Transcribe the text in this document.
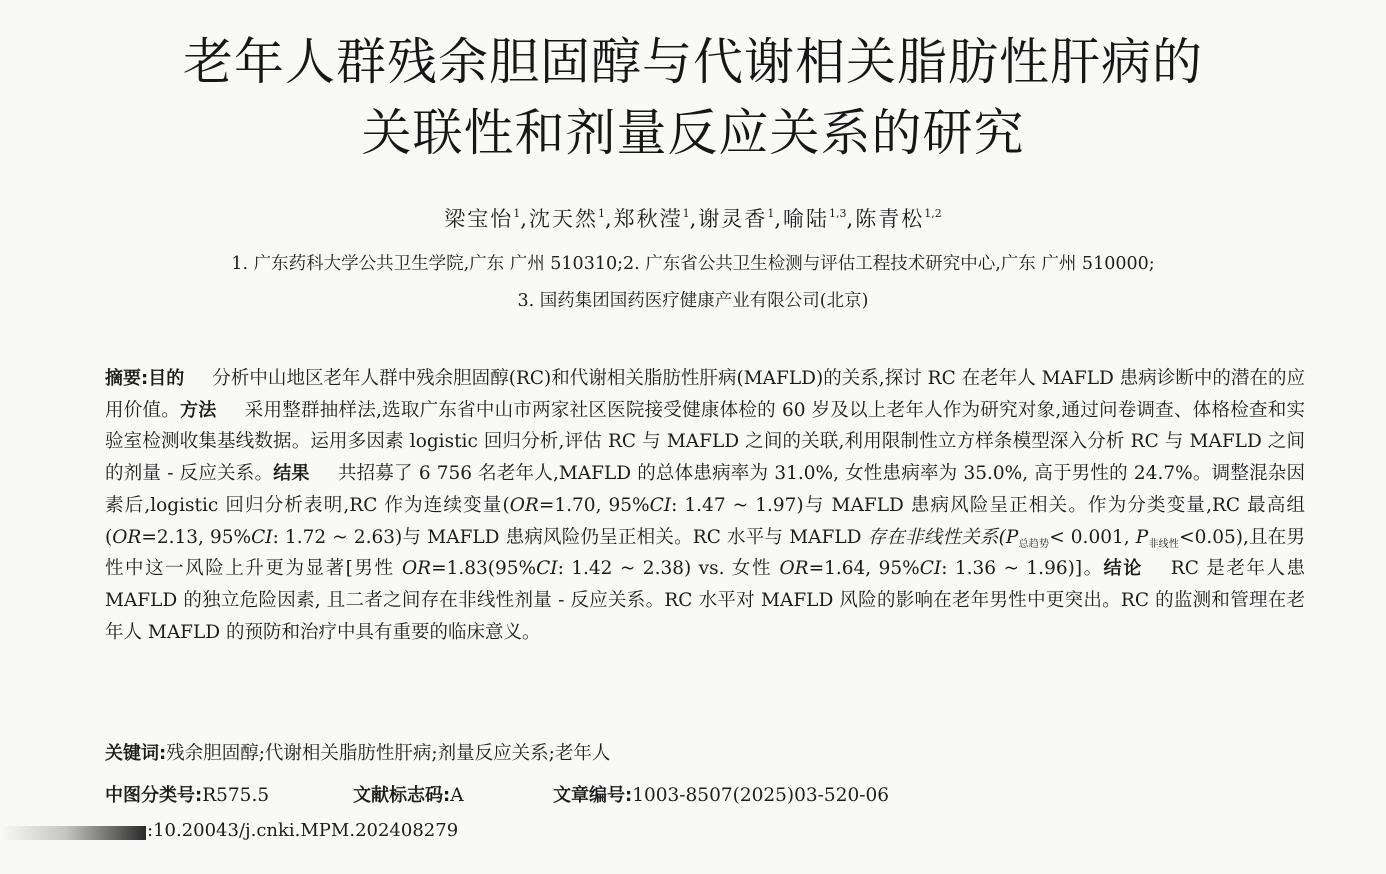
老年人群残余胆固醇与代谢相关脂肪性肝病的
关联性和剂量反应关系的研究
梁宝怡$^1$,沈天然$^1$,郑秋滢$^1$,谢灵香$^1$,喻陆$^{1,3}$,陈青松$^{1,2}$
1. 广东药科大学公共卫生学院,广东 广州 510310;2. 广东省公共卫生检测与评估工程技术研究中心,广东 广州 510000;
3. 国药集团国药医疗健康产业有限公司(北京)
摘要:目的 分析中山地区老年人群中残余胆固醇(RC)和代谢相关脂肪性肝病(MAFLD)的关系,探讨 RC 在老年人 MAFLD 患病诊断中的潜在的应用价值。方法 采用整群抽样法,选取广东省中山市两家社区医院接受健康体检的 60 岁及以上老年人作为研究对象,通过问卷调查、体格检查和实验室检测收集基线数据。运用多因素 logistic 回归分析,评估 RC 与 MAFLD 之间的关联,利用限制性立方样条模型深入分析 RC 与 MAFLD 之间的剂量 - 反应关系。结果 共招募了 6 756 名老年人,MAFLD 的总体患病率为 31.0%, 女性患病率为 35.0%, 高于男性的 24.7%。调整混杂因素后,logistic 回归分析表明,RC 作为连续变量(OR=1.70, 95%CI: 1.47 ~ 1.97)与 MAFLD 患病风险呈正相关。作为分类变量,RC 最高组(OR=2.13, 95%CI: 1.72 ~ 2.63)与 MAFLD 患病风险仍呈正相关。RC 水平与 MAFLD 存在非线性关系($P_{总趋势}< 0.001$, $P_{非线性}<0.05$),且在男性中这一风险上升更为显著[男性 OR=1.83(95%CI: 1.42 ~ 2.38) vs. 女性 OR=1.64, 95%CI: 1.36 ~ 1.96)]。结论 RC 是老年人患 MAFLD 的独立危险因素, 且二者之间存在非线性剂量 - 反应关系。RC 水平对 MAFLD 风险的影响在老年男性中更突出。RC 的监测和管理在老年人 MAFLD 的预防和治疗中具有重要的临床意义。
关键词:残余胆固醇;代谢相关脂肪性肝病;剂量反应关系;老年人
中图分类号:R575.5	文献标志码:A	文章编号:1003-8507(2025)03-520-06
:10.20043/j.cnki.MPM.202408279
